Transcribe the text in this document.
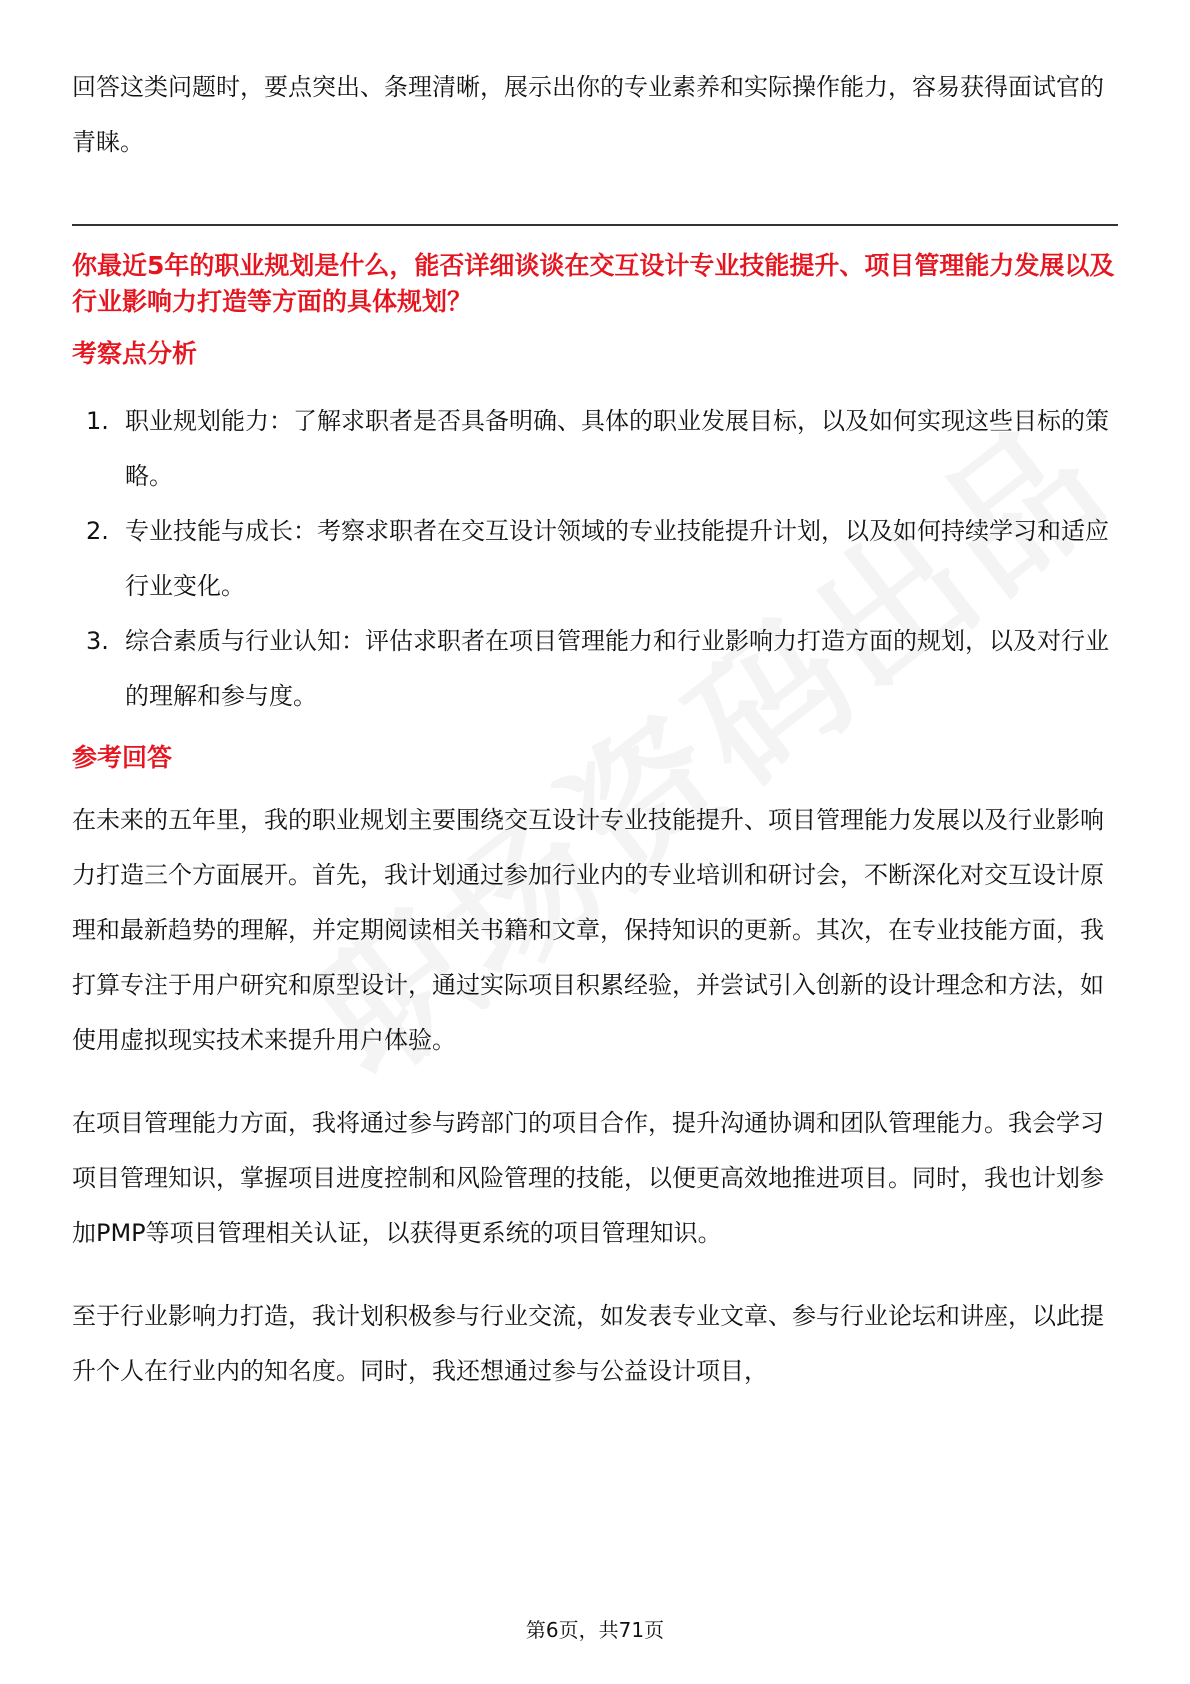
回答这类问题时，要点突出、条理清晰，展示出你的专业素养和实际操作能力，容易获得面试官的青睐。

你最近5年的职业规划是什么，能否详细谈谈在交互设计专业技能提升、项目管理能力发展以及行业影响力打造等方面的具体规划？
考察点分析
1. 职业规划能力：了解求职者是否具备明确、具体的职业发展目标，以及如何实现这些目标的策略。
2. 专业技能与成长：考察求职者在交互设计领域的专业技能提升计划，以及如何持续学习和适应行业变化。
3. 综合素质与行业认知：评估求职者在项目管理能力和行业影响力打造方面的规划，以及对行业的理解和参与度。
参考回答

在未来的五年里，我的职业规划主要围绕交互设计专业技能提升、项目管理能力发展以及行业影响力打造三个方面展开。首先，我计划通过参加行业内的专业培训和研讨会，不断深化对交互设计原理和最新趋势的理解，并定期阅读相关书籍和文章，保持知识的更新。其次，在专业技能方面，我打算专注于用户研究和原型设计，通过实际项目积累经验，并尝试引入创新的设计理念和方法，如使用虚拟现实技术来提升用户体验。

在项目管理能力方面，我将通过参与跨部门的项目合作，提升沟通协调和团队管理能力。我会学习项目管理知识，掌握项目进度控制和风险管理的技能，以便更高效地推进项目。同时，我也计划参加PMP等项目管理相关认证，以获得更系统的项目管理知识。

至于行业影响力打造，我计划积极参与行业交流，如发表专业文章、参与行业论坛和讲座，以此提升个人在行业内的知名度。同时，我还想通过参与公益设计项目，

第6页，共71页
